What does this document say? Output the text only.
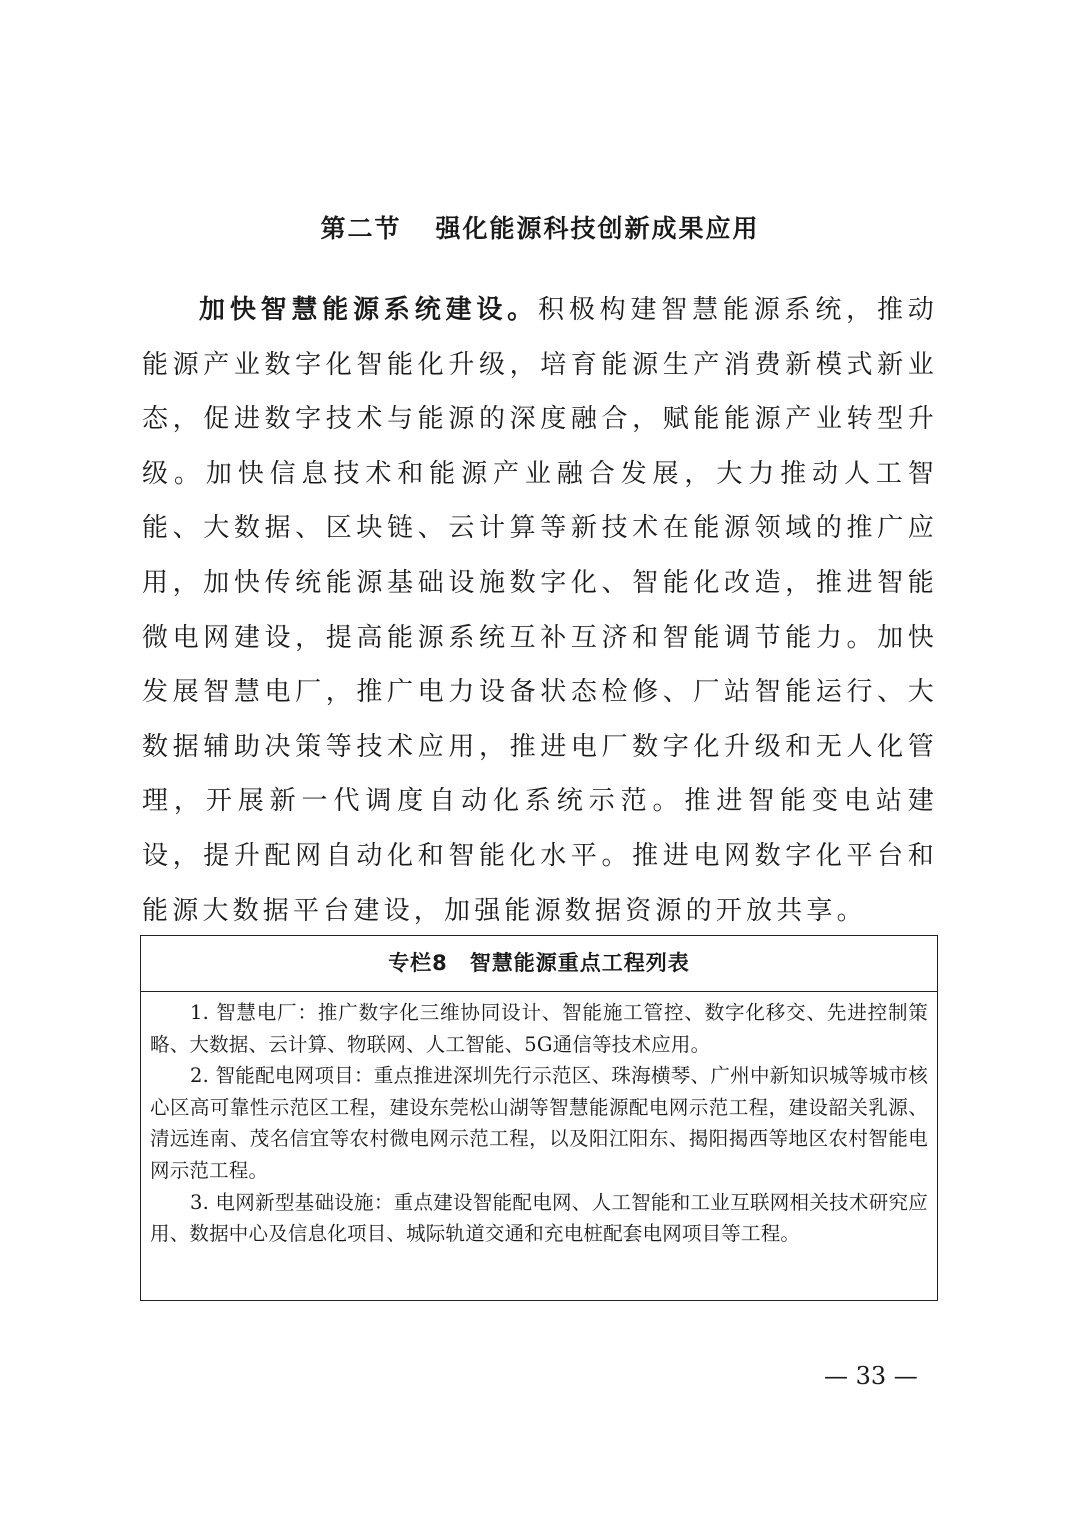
第二节 强化能源科技创新成果应用
加快智慧能源系统建设。积极构建智慧能源系统，推动能源产业数字化智能化升级，培育能源生产消费新模式新业态，促进数字技术与能源的深度融合，赋能能源产业转型升级。加快信息技术和能源产业融合发展，大力推动人工智能、大数据、区块链、云计算等新技术在能源领域的推广应用，加快传统能源基础设施数字化、智能化改造，推进智能微电网建设，提高能源系统互补互济和智能调节能力。加快发展智慧电厂，推广电力设备状态检修、厂站智能运行、大数据辅助决策等技术应用，推进电厂数字化升级和无人化管理，开展新一代调度自动化系统示范。推进智能变电站建设，提升配网自动化和智能化水平。推进电网数字化平台和能源大数据平台建设，加强能源数据资源的开放共享。
专栏8 智慧能源重点工程列表
1. 智慧电厂：推广数字化三维协同设计、智能施工管控、数字化移交、先进控制策略、大数据、云计算、物联网、人工智能、5G通信等技术应用。
2. 智能配电网项目：重点推进深圳先行示范区、珠海横琴、广州中新知识城等城市核心区高可靠性示范区工程，建设东莞松山湖等智慧能源配电网示范工程，建设韶关乳源、清远连南、茂名信宜等农村微电网示范工程，以及阳江阳东、揭阳揭西等地区农村智能电网示范工程。
3. 电网新型基础设施：重点建设智能配电网、人工智能和工业互联网相关技术研究应用、数据中心及信息化项目、城际轨道交通和充电桩配套电网项目等工程。
— 33 —
